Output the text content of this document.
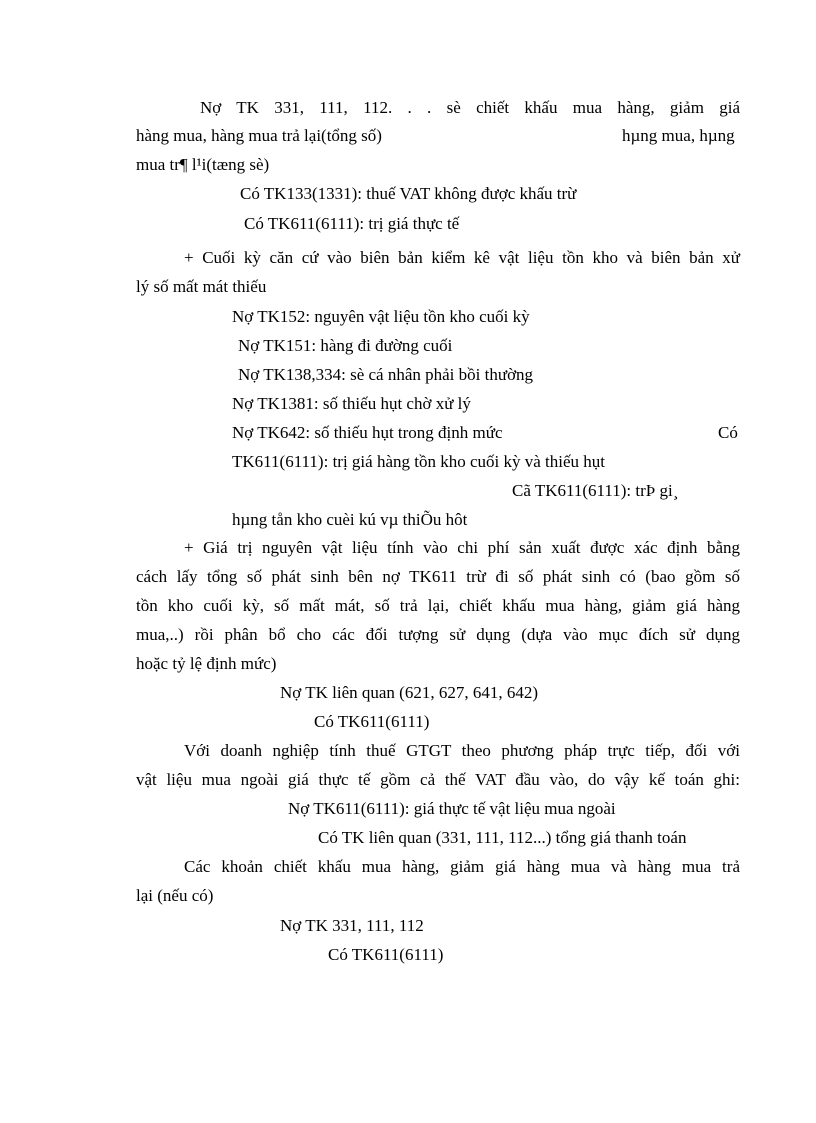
Nợ TK 331, 111, 112. . . sè chiết khấu mua hàng, giảm giá
hàng mua, hàng mua trả lại(tổng số)	hµng mua, hµng
mua tr¶ l¹i(tæng sè)
Có TK133(1331): thuế VAT không được khấu trừ
Có TK611(6111): trị giá thực tế
+ Cuối kỳ căn cứ vào biên bản kiểm kê vật liệu tồn kho và biên bản xử
lý số mất mát thiếu
Nợ TK152: nguyên vật liệu tồn kho cuối kỳ
Nợ TK151: hàng đi đường cuối
Nợ TK138,334: sè cá nhân phải bồi thường
Nợ TK1381: số thiếu hụt chờ xử lý
Nợ TK642: số thiếu hụt trong định mức	Có
TK611(6111): trị giá hàng tồn kho cuối kỳ và thiếu hụt
Cã TK611(6111): trÞ gi¸
hµng tån kho cuèi kú vµ thiÕu hôt
+ Giá trị nguyên vật liệu tính vào chi phí sản xuất được xác định bằng
cách lấy tổng số phát sinh bên nợ TK611 trừ đi số phát sinh có (bao gồm số
tồn kho cuối kỳ, số mất mát, số trả lại, chiết khấu mua hàng, giảm giá hàng
mua,..) rồi phân bổ cho các đối tượng sử dụng (dựa vào mục đích sử dụng
hoặc tỷ lệ định mức)
Nợ TK liên quan (621, 627, 641, 642)
Có TK611(6111)
Với doanh nghiệp tính thuế GTGT theo phương pháp trực tiếp, đối với
vật liệu mua ngoài giá thực tế gồm cả thế VAT đầu vào, do vậy kế toán ghi:
Nợ TK611(6111): giá thực tế vật liệu mua ngoài
Có TK liên quan (331, 111, 112...) tổng giá thanh toán
Các khoản chiết khấu mua hàng, giảm giá hàng mua và hàng mua trả
lại (nếu có)
Nợ TK 331, 111, 112
Có TK611(6111)
